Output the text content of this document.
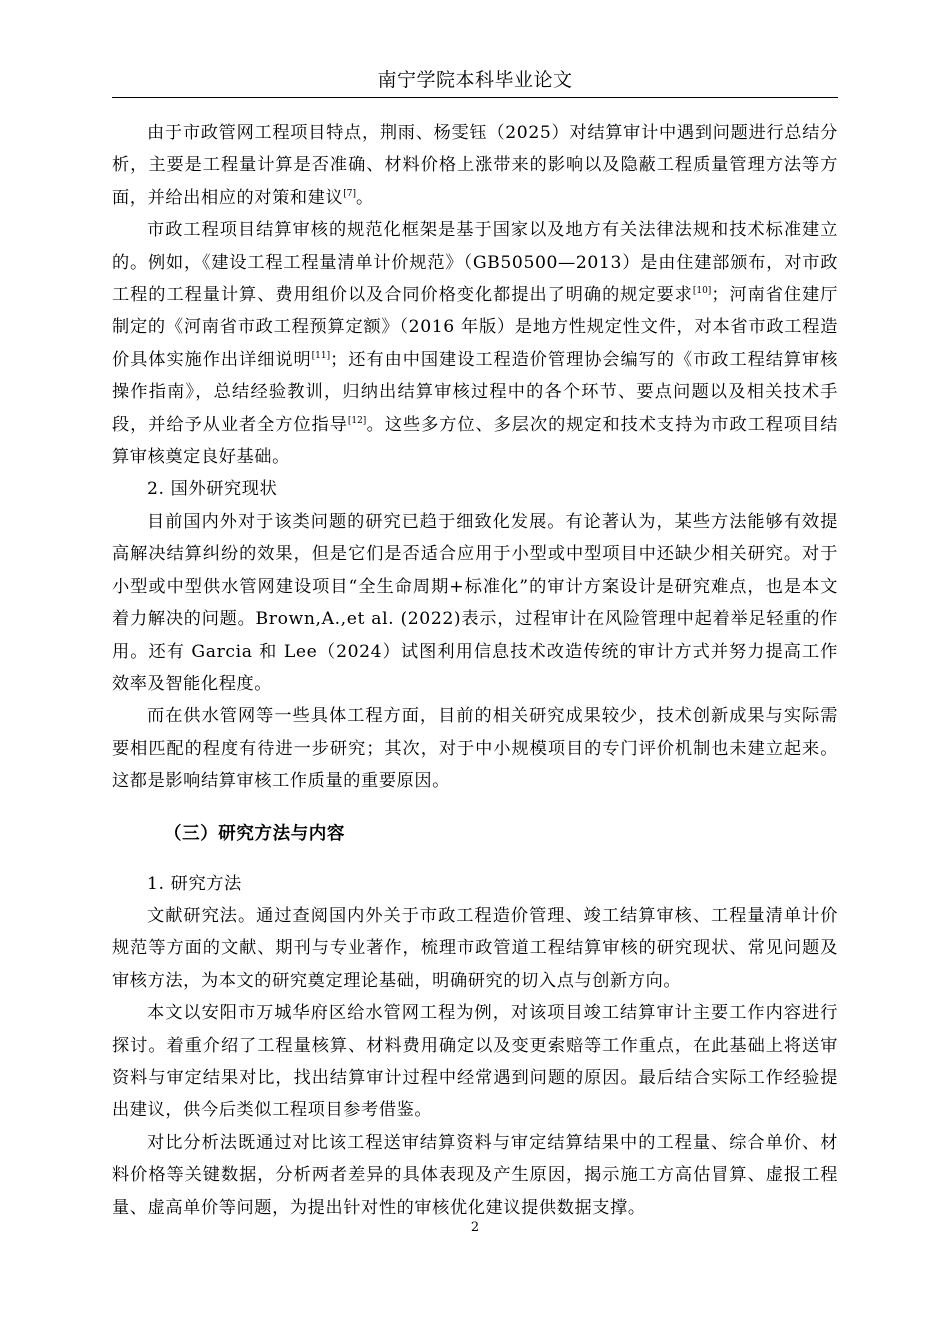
南宁学院本科毕业论文

由于市政管网工程项目特点，荆雨、杨雯钰（2025）对结算审计中遇到问题进行总结分析，主要是工程量计算是否准确、材料价格上涨带来的影响以及隐蔽工程质量管理方法等方面，并给出相应的对策和建议[7]。

市政工程项目结算审核的规范化框架是基于国家以及地方有关法律法规和技术标准建立的。例如，《建设工程工程量清单计价规范》（GB50500—2013）是由住建部颁布，对市政工程的工程量计算、费用组价以及合同价格变化都提出了明确的规定要求[10]；河南省住建厅制定的《河南省市政工程预算定额》（2016 年版）是地方性规定性文件，对本省市政工程造价具体实施作出详细说明[11]；还有由中国建设工程造价管理协会编写的《市政工程结算审核操作指南》，总结经验教训，归纳出结算审核过程中的各个环节、要点问题以及相关技术手段，并给予从业者全方位指导[12]。这些多方位、多层次的规定和技术支持为市政工程项目结算审核奠定良好基础。

2. 国外研究现状

目前国内外对于该类问题的研究已趋于细致化发展。有论著认为，某些方法能够有效提高解决结算纠纷的效果，但是它们是否适合应用于小型或中型项目中还缺少相关研究。对于小型或中型供水管网建设项目“全生命周期+标准化”的审计方案设计是研究难点，也是本文着力解决的问题。Brown,A.,et al. (2022)表示，过程审计在风险管理中起着举足轻重的作用。还有 Garcia 和 Lee（2024）试图利用信息技术改造传统的审计方式并努力提高工作效率及智能化程度。

而在供水管网等一些具体工程方面，目前的相关研究成果较少，技术创新成果与实际需要相匹配的程度有待进一步研究；其次，对于中小规模项目的专门评价机制也未建立起来。这都是影响结算审核工作质量的重要原因。

（三）研究方法与内容

1. 研究方法

文献研究法。通过查阅国内外关于市政工程造价管理、竣工结算审核、工程量清单计价规范等方面的文献、期刊与专业著作，梳理市政管道工程结算审核的研究现状、常见问题及审核方法，为本文的研究奠定理论基础，明确研究的切入点与创新方向。

本文以安阳市万城华府区给水管网工程为例，对该项目竣工结算审计主要工作内容进行探讨。着重介绍了工程量核算、材料费用确定以及变更索赔等工作重点，在此基础上将送审资料与审定结果对比，找出结算审计过程中经常遇到问题的原因。最后结合实际工作经验提出建议，供今后类似工程项目参考借鉴。

对比分析法既通过对比该工程送审结算资料与审定结算结果中的工程量、综合单价、材料价格等关键数据，分析两者差异的具体表现及产生原因，揭示施工方高估冒算、虚报工程量、虚高单价等问题，为提出针对性的审核优化建议提供数据支撑。

2
